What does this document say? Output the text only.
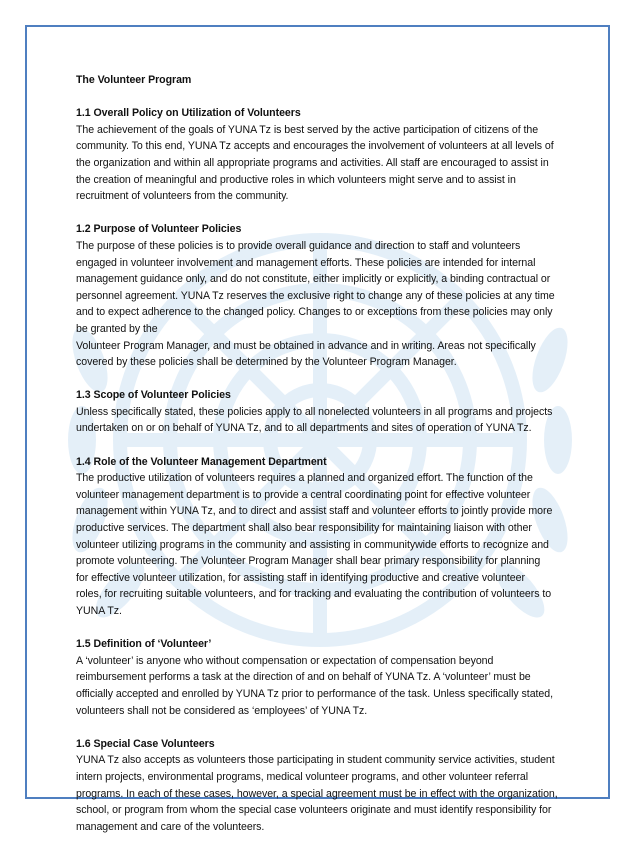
The Volunteer Program
1.1 Overall Policy on Utilization of Volunteers

The achievement of the goals of YUNA Tz is best served by the active participation of citizens of the
community. To this end, YUNA Tz accepts and encourages the involvement of volunteers at all levels of
the organization and within all appropriate programs and activities. All staff are encouraged to assist in
the creation of meaningful and productive roles in which volunteers might serve and to assist in
recruitment of volunteers from the community.

1.2 Purpose of Volunteer Policies

The purpose of these policies is to provide overall guidance and direction to staff and volunteers
engaged in volunteer involvement and management efforts. These policies are intended for internal
management guidance only, and do not constitute, either implicitly or explicitly, a binding contractual or
personnel agreement. YUNA Tz reserves the exclusive right to change any of these policies at any time
and to expect adherence to the changed policy. Changes to or exceptions from these policies may only
be granted by the
Volunteer Program Manager, and must be obtained in advance and in writing. Areas not specifically
covered by these policies shall be determined by the Volunteer Program Manager.

1.3 Scope of Volunteer Policies

Unless specifically stated, these policies apply to all nonelected volunteers in all programs and projects
undertaken on or on behalf of YUNA Tz, and to all departments and sites of operation of YUNA Tz.

1.4 Role of the Volunteer Management Department

The productive utilization of volunteers requires a planned and organized effort. The function of the
volunteer management department is to provide a central coordinating point for effective volunteer
management within YUNA Tz, and to direct and assist staff and volunteer efforts to jointly provide more
productive services. The department shall also bear responsibility for maintaining liaison with other
volunteer utilizing programs in the community and assisting in communitywide efforts to recognize and
promote volunteering. The Volunteer Program Manager shall bear primary responsibility for planning
for effective volunteer utilization, for assisting staff in identifying productive and creative volunteer
roles, for recruiting suitable volunteers, and for tracking and evaluating the contribution of volunteers to
YUNA Tz.

1.5 Definition of ‘Volunteer’

A ‘volunteer’ is anyone who without compensation or expectation of compensation beyond
reimbursement performs a task at the direction of and on behalf of YUNA Tz. A ‘volunteer’ must be
officially accepted and enrolled by YUNA Tz prior to performance of the task. Unless specifically stated,
volunteers shall not be considered as ‘employees’ of YUNA Tz.

1.6 Special Case Volunteers

YUNA Tz also accepts as volunteers those participating in student community service activities, student
intern projects, environmental programs, medical volunteer programs, and other volunteer referral
programs. In each of these cases, however, a special agreement must be in effect with the organization,
school, or program from whom the special case volunteers originate and must identify responsibility for
management and care of the volunteers.
